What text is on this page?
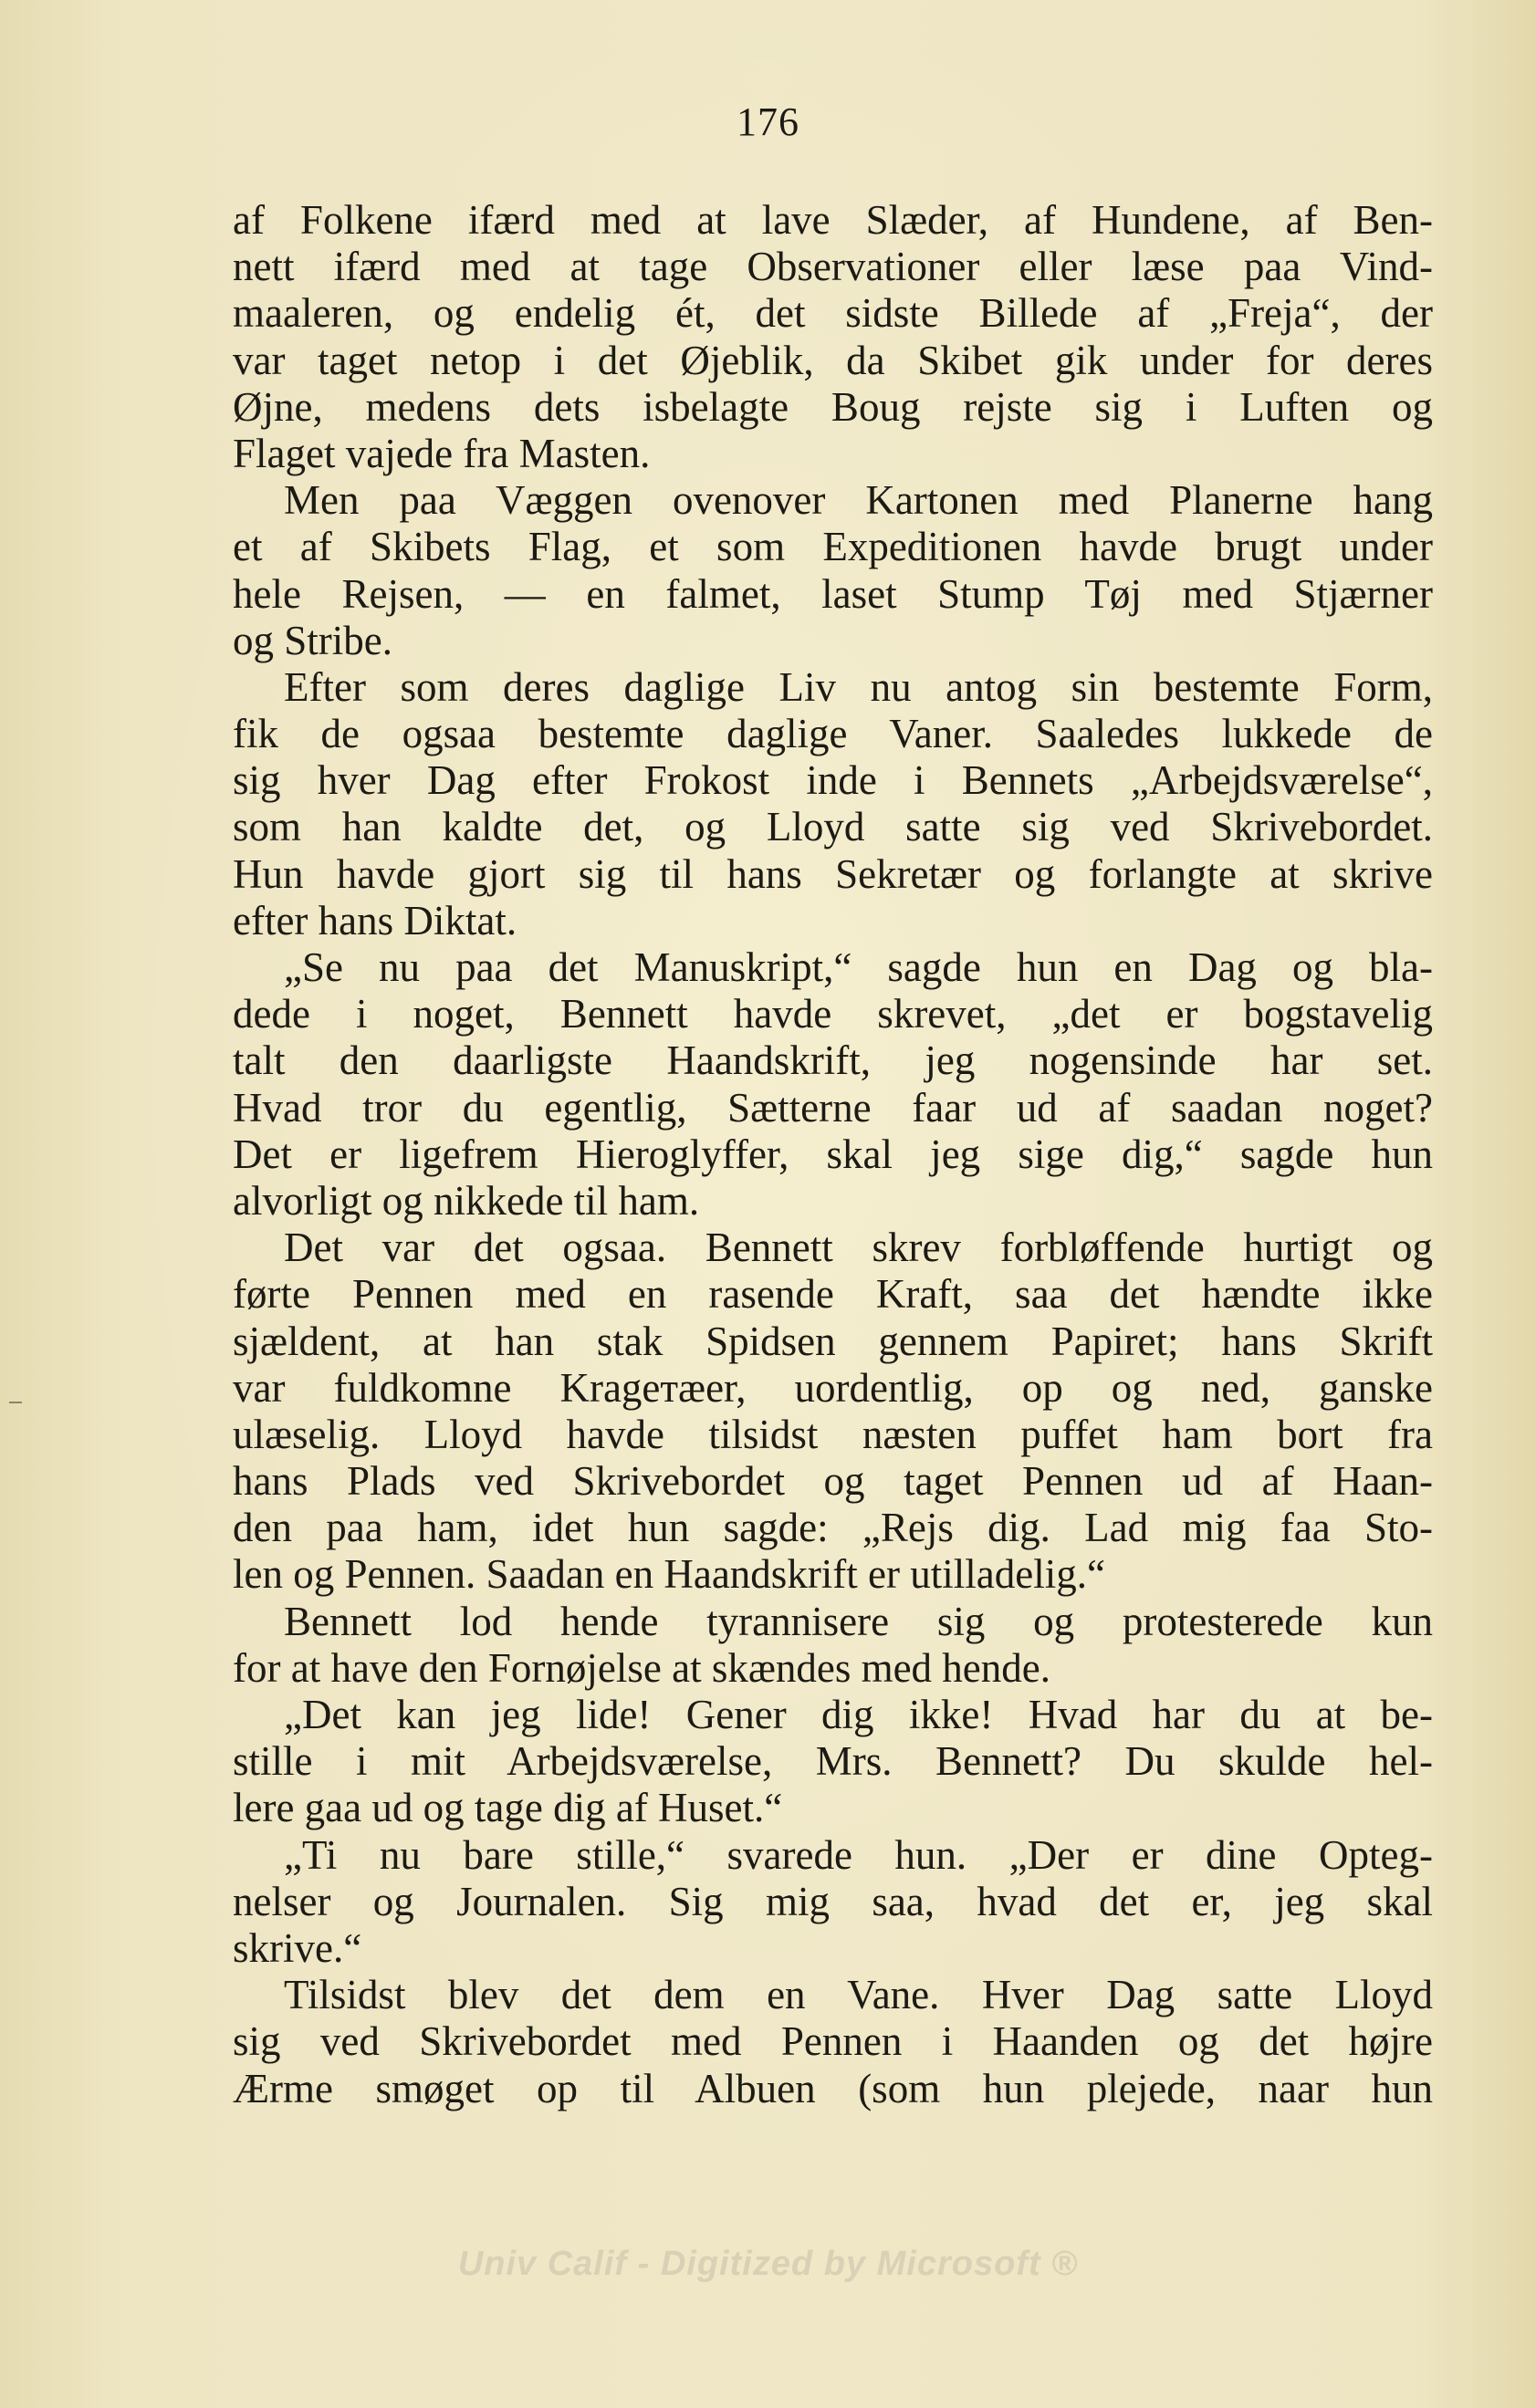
176
af Folkene ifærd med at lave Slæder, af Hundene, af Ben-
nett ifærd med at tage Observationer eller læse paa Vind-
maaleren, og endelig ét, det sidste Billede af „Freja“, der
var taget netop i det Øjeblik, da Skibet gik under for deres
Øjne, medens dets isbelagte Boug rejste sig i Luften og
Flaget vajede fra Masten.
Men paa Væggen ovenover Kartonen med Planerne hang
et af Skibets Flag, et som Expeditionen havde brugt under
hele Rejsen, — en falmet, laset Stump Tøj med Stjærner
og Stribe.
Efter som deres daglige Liv nu antog sin bestemte Form,
fik de ogsaa bestemte daglige Vaner. Saaledes lukkede de
sig hver Dag efter Frokost inde i Bennets „Arbejdsværelse“,
som han kaldte det, og Lloyd satte sig ved Skrivebordet.
Hun havde gjort sig til hans Sekretær og forlangte at skrive
efter hans Diktat.
„Se nu paa det Manuskript,“ sagde hun en Dag og bla-
dede i noget, Bennett havde skrevet, „det er bogstavelig
talt den daarligste Haandskrift, jeg nogensinde har set.
Hvad tror du egentlig, Sætterne faar ud af saadan noget?
Det er ligefrem Hieroglyffer, skal jeg sige dig,“ sagde hun
alvorligt og nikkede til ham.
Det var det ogsaa. Bennett skrev forbløffende hurtigt og
førte Pennen med en rasende Kraft, saa det hændte ikke
sjældent, at han stak Spidsen gennem Papiret; hans Skrift
var fuldkomne Krageтæer, uordentlig, op og ned, ganske
ulæselig. Lloyd havde tilsidst næsten puffet ham bort fra
hans Plads ved Skrivebordet og taget Pennen ud af Haan-
den paa ham, idet hun sagde: „Rejs dig. Lad mig faa Sto-
len og Pennen. Saadan en Haandskrift er utilladelig.“
Bennett lod hende tyrannisere sig og protesterede kun
for at have den Fornøjelse at skændes med hende.
„Det kan jeg lide! Gener dig ikke! Hvad har du at be-
stille i mit Arbejdsværelse, Mrs. Bennett? Du skulde hel-
lere gaa ud og tage dig af Huset.“
„Ti nu bare stille,“ svarede hun. „Der er dine Opteg-
nelser og Journalen. Sig mig saa, hvad det er, jeg skal
skrive.“
Tilsidst blev det dem en Vane. Hver Dag satte Lloyd
sig ved Skrivebordet med Pennen i Haanden og det højre
Ærme smøget op til Albuen (som hun plejede, naar hun
Univ Calif - Digitized by Microsoft ®
